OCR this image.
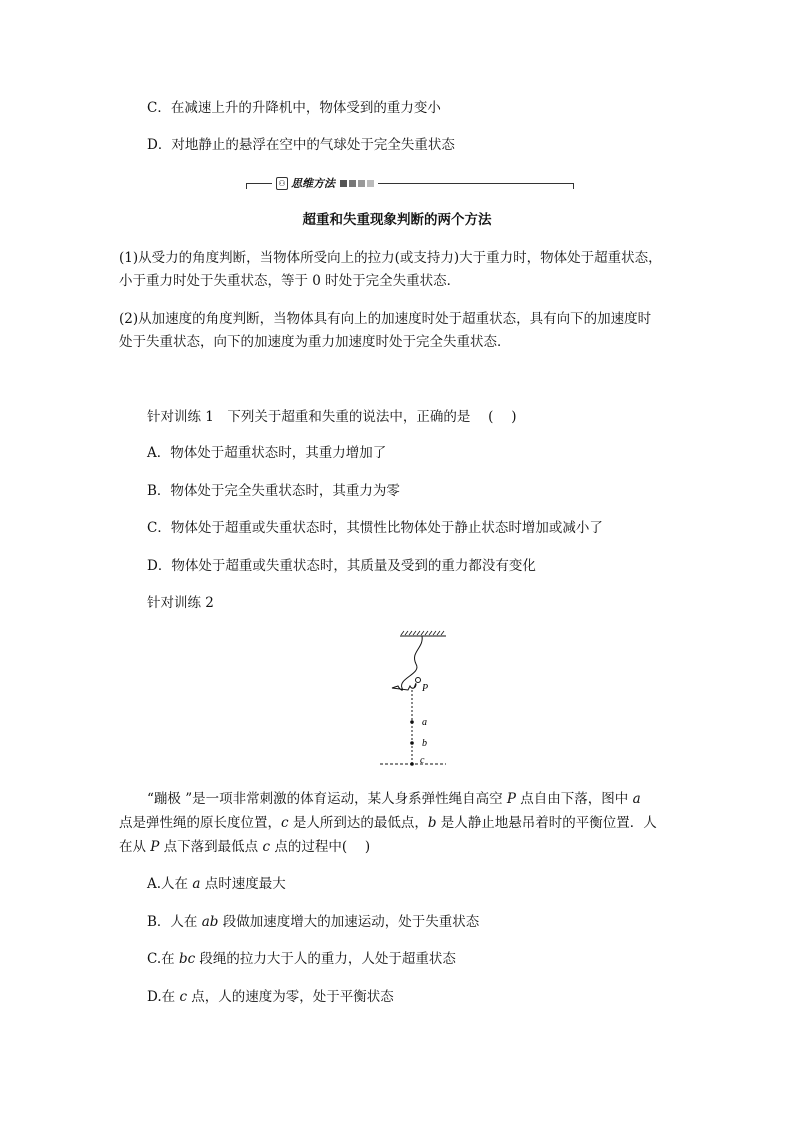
C．在减速上升的升降机中，物体受到的重力变小
D．对地静止的悬浮在空中的气球处于完全失重状态
⚇ 思维方法
超重和失重现象判断的两个方法
(1)从受力的角度判断，当物体所受向上的拉力(或支持力)大于重力时，物体处于超重状态，
小于重力时处于失重状态，等于 0 时处于完全失重状态．
(2)从加速度的角度判断，当物体具有向上的加速度时处于超重状态，具有向下的加速度时
处于失重状态，向下的加速度为重力加速度时处于完全失重状态．
针对训练 1　下列关于超重和失重的说法中，正确的是　 (　 )
A．物体处于超重状态时，其重力增加了
B．物体处于完全失重状态时，其重力为零
C．物体处于超重或失重状态时，其惯性比物体处于静止状态时增加或减小了
D．物体处于超重或失重状态时，其质量及受到的重力都没有变化
针对训练 2
P
a
b
c
“蹦极 ”是一项非常刺激的体育运动，某人身系弹性绳自高空 P 点自由下落，图中 a
点是弹性绳的原长度位置，c 是人所到达的最低点，b 是人静止地悬吊着时的平衡位置．人
在从 P 点下落到最低点 c 点的过程中(　 )
A.人在 a 点时速度最大
B．人在 ab 段做加速度增大的加速运动，处于失重状态
C.在 bc 段绳的拉力大于人的重力，人处于超重状态
D.在 c 点，人的速度为零，处于平衡状态
